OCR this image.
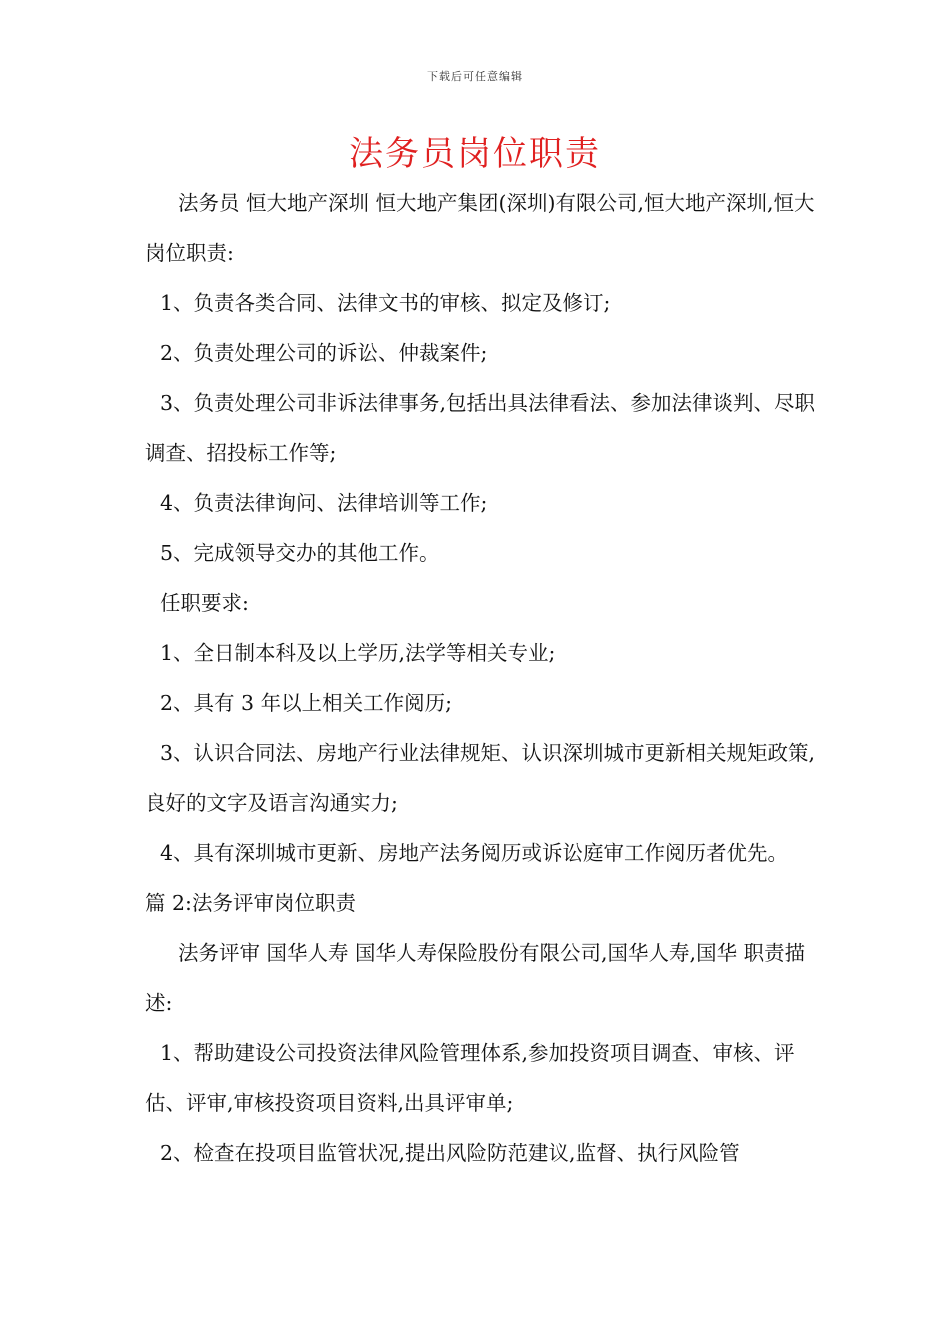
下载后可任意编辑
法务员岗位职责

法务员 恒大地产深圳 恒大地产集团(深圳)有限公司,恒大地产深圳,恒大 岗位职责:

1、负责各类合同、法律文书的审核、拟定及修订;

2、负责处理公司的诉讼、仲裁案件;

3、负责处理公司非诉法律事务,包括出具法律看法、参加法律谈判、尽职调查、招投标工作等;

4、负责法律询问、法律培训等工作;

5、完成领导交办的其他工作。

任职要求:

1、全日制本科及以上学历,法学等相关专业;

2、具有 3 年以上相关工作阅历;

3、认识合同法、房地产行业法律规矩、认识深圳城市更新相关规矩政策,良好的文字及语言沟通实力;

4、具有深圳城市更新、房地产法务阅历或诉讼庭审工作阅历者优先。

篇 2:法务评审岗位职责

法务评审 国华人寿 国华人寿保险股份有限公司,国华人寿,国华 职责描述:

1、帮助建设公司投资法律风险管理体系,参加投资项目调查、审核、评估、评审,审核投资项目资料,出具评审单;

2、检查在投项目监管状况,提出风险防范建议,监督、执行风险管
